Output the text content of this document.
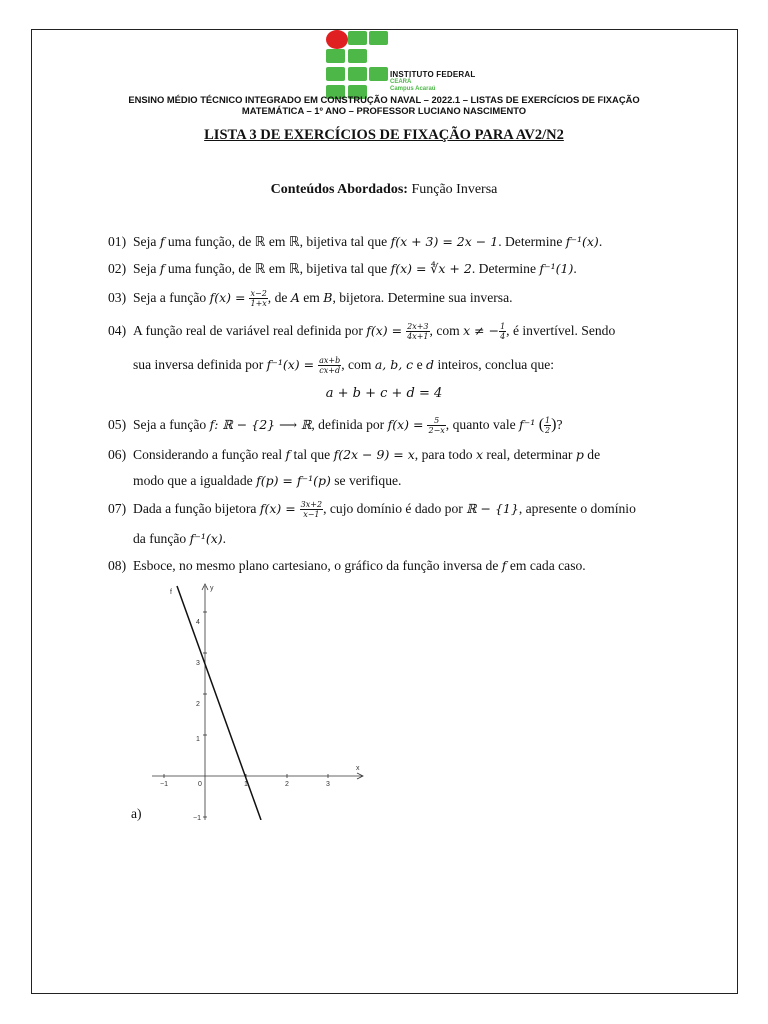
INSTITUTO FEDERAL
CEARÁ
Campus Acaraú
ENSINO MÉDIO TÉCNICO INTEGRADO EM CONSTRUÇÃO NAVAL – 2022.1 – LISTAS DE EXERCÍCIOS DE FIXAÇÃO
MATEMÁTICA – 1º ANO – PROFESSOR LUCIANO NASCIMENTO
LISTA 3 DE EXERCÍCIOS DE FIXAÇÃO PARA AV2/N2
Conteúdos Abordados: Função Inversa
01) Seja f uma função, de ℝ em ℝ, bijetiva tal que f(x + 3) = 2x − 1. Determine f⁻¹(x).
02) Seja f uma função, de ℝ em ℝ, bijetiva tal que f(x) = ∜x + 2. Determine f⁻¹(1).
03) Seja a função $f(x) = \frac{x-2}{1+x}$ , de A em B, bijetora. Determine sua inversa.
04) A função real de variável real definida por $f(x) = \frac{2x+3}{4x+1}$ , com x ≠ − $\frac{1}{4}$ , é invertível. Sendo
sua inversa definida por $f^{-1}(x) = \frac{ax+b}{cx+d}$ , com a, b, c e d inteiros, conclua que:
a + b + c + d = 4
05) Seja a função f: ℝ − {2} ⟶ ℝ, definida por $f(x) = \frac{5}{2-x}$ , quanto vale f⁻¹ ( $\frac{1}{2}$ )?
06) Considerando a função real f tal que f(2x − 9) = x, para todo x real, determinar p de
modo que a igualdade f(p) = f⁻¹(p) se verifique.
07) Dada a função bijetora $f(x) = \frac{3x+2}{x-1}$ , cujo domínio é dado por ℝ − {1}, apresente o domínio
da função f⁻¹(x).
08) Esboce, no mesmo plano cartesiano, o gráfico da função inversa de f em cada caso.
−1	0	1	2	3
4
3
2
1
−1
y
x
f
a)
